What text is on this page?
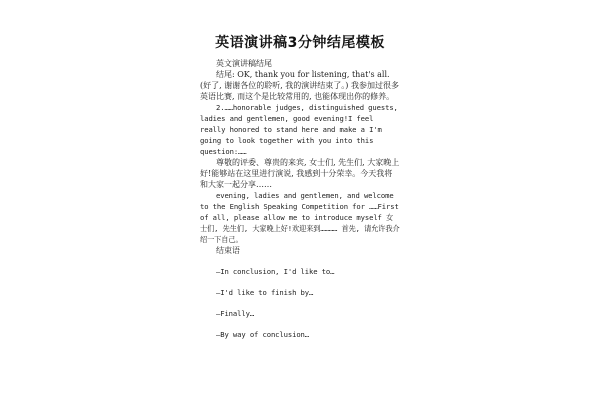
英语演讲稿3分钟结尾模板

英文演讲稿结尾

结尾: OK, thank you for listening, that's all. (好了, 谢谢各位的聆听, 我的演讲结束了。) 我参加过很多英语比赛, 而这个是比较常用的, 也能体现出你的修养。

2.……honorable judges, distinguished guests, ladies and gentlemen, good evening!I feel really honored to stand here and make a I'm going to look together with you into this question:……

尊敬的评委、尊贵的来宾, 女士们, 先生们, 大家晚上好!能够站在这里进行演说, 我感到十分荣幸。今天我将和大家一起分享……

evening, ladies and gentlemen, and welcome to the English Speaking Competition for ……First of all, please allow me to introduce myself 女士们, 先生们, 大家晚上好!欢迎来到………… 首先, 请允许我介绍一下自己。

结束语

—In conclusion, I'd like to…

—I'd like to finish by…

—Finally…

—By way of conclusion…
